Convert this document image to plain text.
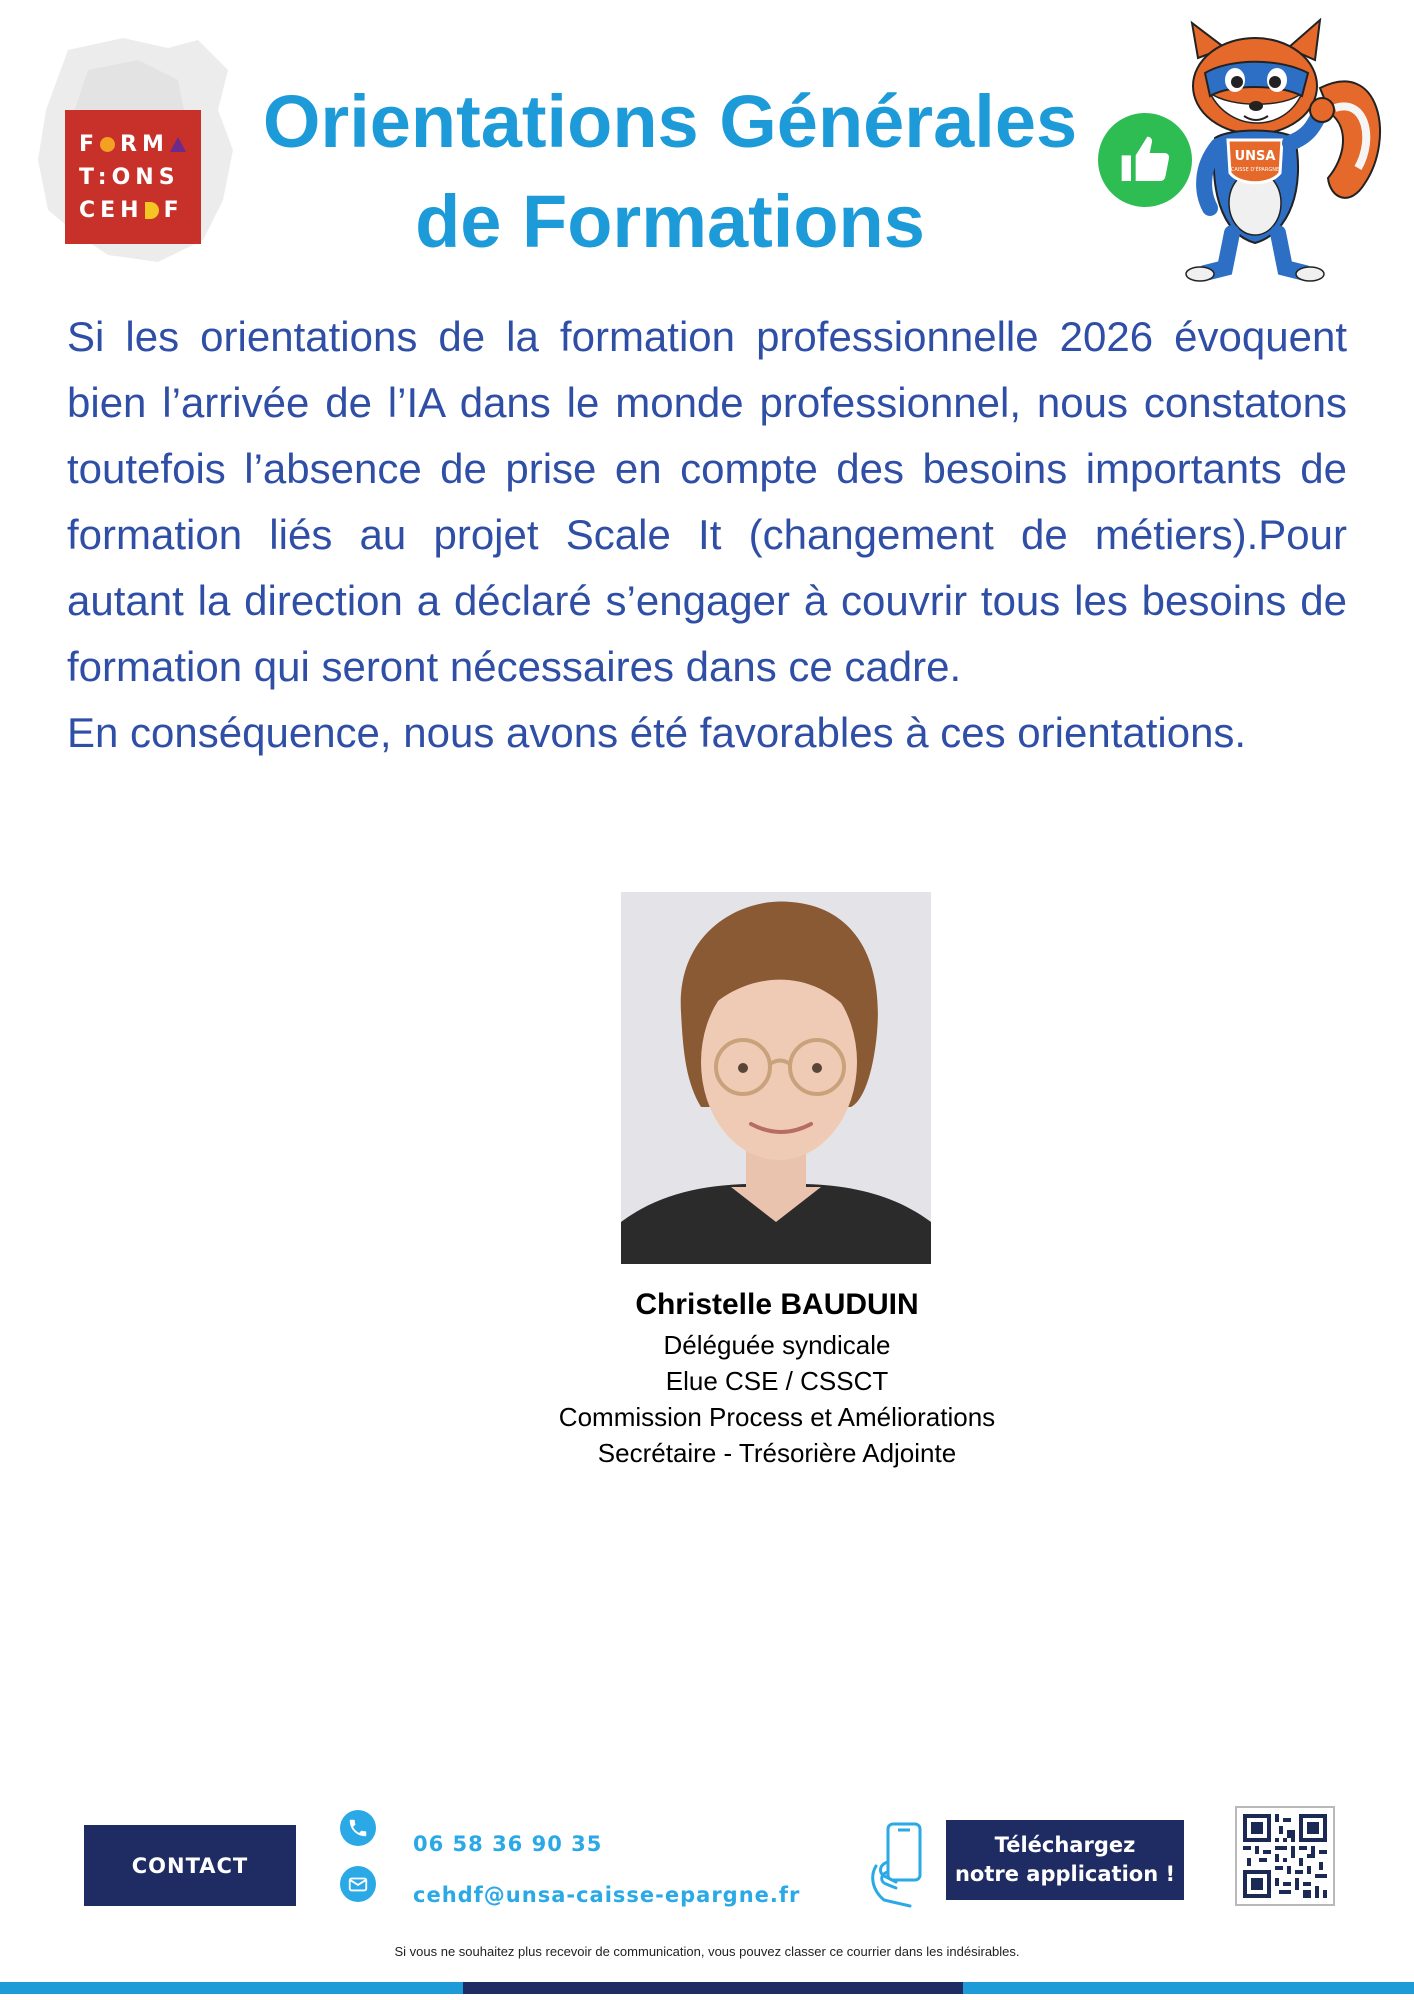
F RM
T:ONS
CEH F
Orientations Générales
de Formations
UNSA
CAISSE D'ÉPARGNE

Si les orientations de la formation professionnelle 2026 évoquent bien l’arrivée de l’IA dans le monde professionnel, nous constatons toutefois l’absence de prise en compte des besoins importants de formation liés au projet Scale It (changement de métiers).Pour autant la direction a déclaré s’engager à couvrir tous les besoins de formation qui seront nécessaires dans ce cadre.

En conséquence, nous avons été favorables à ces orientations.

Christelle BAUDUIN
Déléguée syndicale
Elue CSE / CSSCT
Commission Process et Améliorations
Secrétaire - Trésorière Adjointe
CONTACT
06 58 36 90 35
cehdf@unsa-caisse-epargne.fr
Téléchargez
notre application !
Si vous ne souhaitez plus recevoir de communication, vous pouvez classer ce courrier dans les indésirables.
